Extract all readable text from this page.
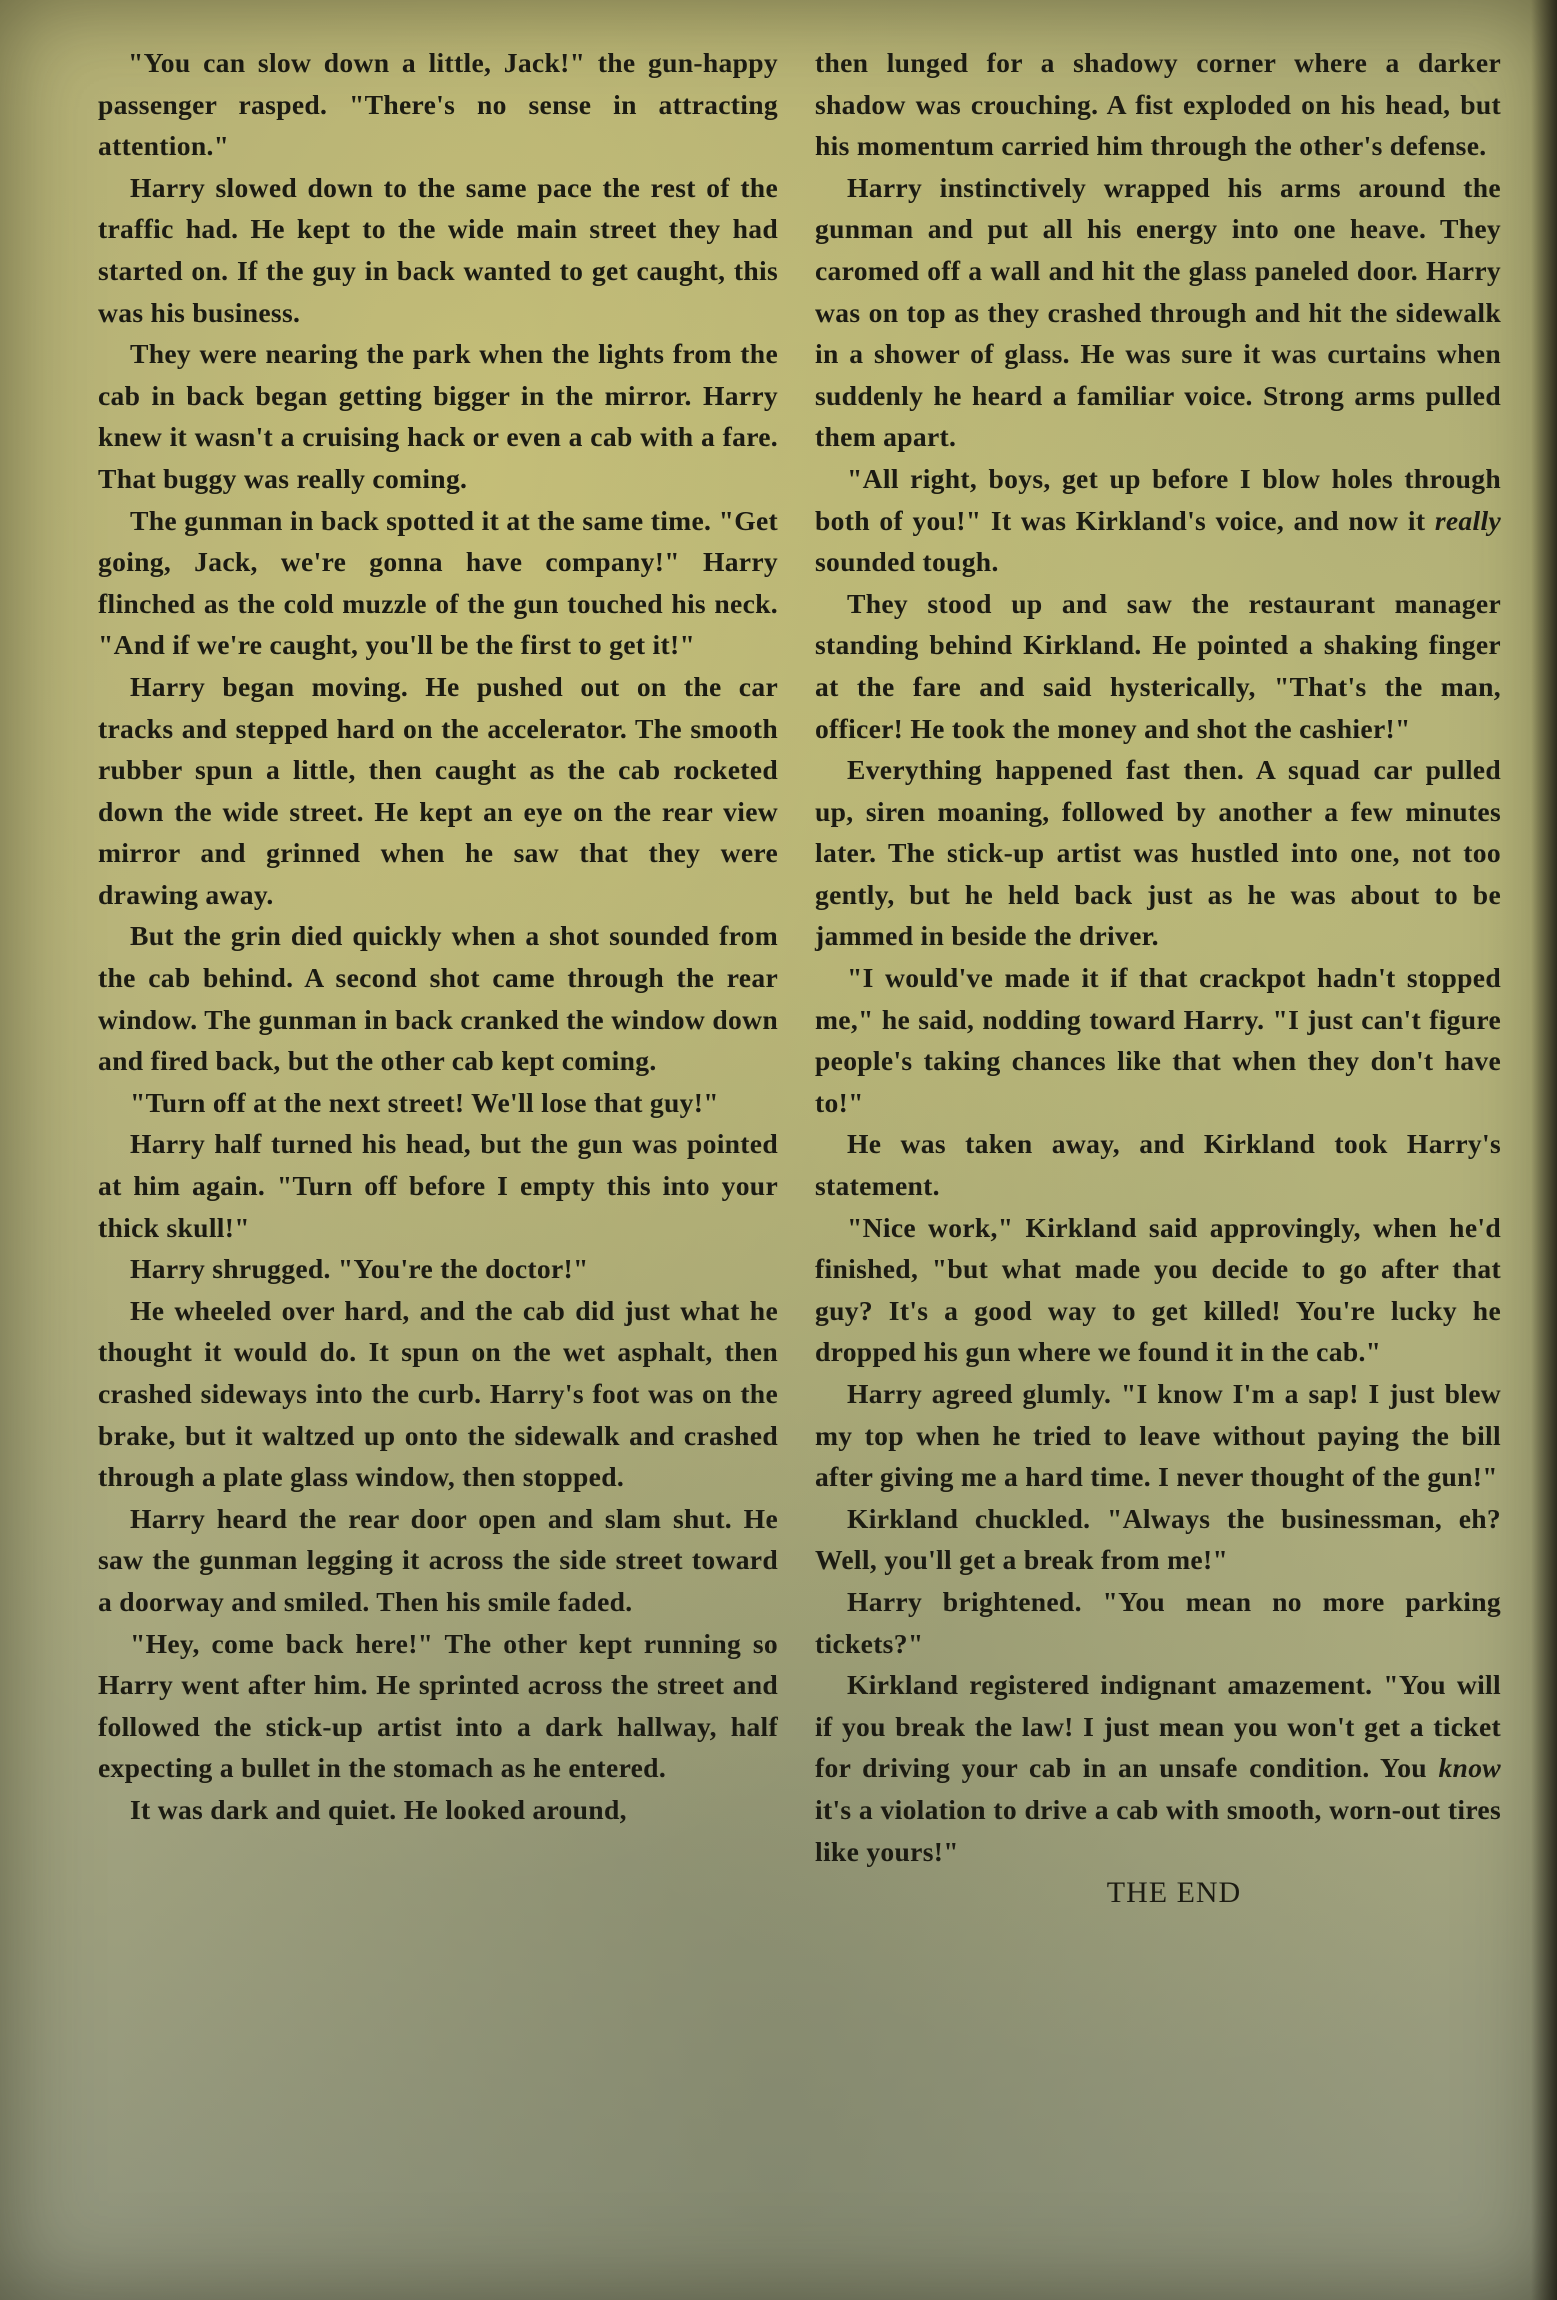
"You can slow down a little, Jack!" the gun-happy passenger rasped. "There's no sense in attracting attention."

Harry slowed down to the same pace the rest of the traffic had. He kept to the wide main street they had started on. If the guy in back wanted to get caught, this was his business.

They were nearing the park when the lights from the cab in back began getting bigger in the mirror. Harry knew it wasn't a cruising hack or even a cab with a fare. That buggy was really coming.

The gunman in back spotted it at the same time. "Get going, Jack, we're gonna have company!" Harry flinched as the cold muzzle of the gun touched his neck. "And if we're caught, you'll be the first to get it!"

Harry began moving. He pushed out on the car tracks and stepped hard on the accelerator. The smooth rubber spun a little, then caught as the cab rocketed down the wide street. He kept an eye on the rear view mirror and grinned when he saw that they were drawing away.

But the grin died quickly when a shot sounded from the cab behind. A second shot came through the rear window. The gunman in back cranked the window down and fired back, but the other cab kept coming.

"Turn off at the next street! We'll lose that guy!"

Harry half turned his head, but the gun was pointed at him again. "Turn off before I empty this into your thick skull!"

Harry shrugged. "You're the doctor!"

He wheeled over hard, and the cab did just what he thought it would do. It spun on the wet asphalt, then crashed sideways into the curb. Harry's foot was on the brake, but it waltzed up onto the sidewalk and crashed through a plate glass window, then stopped.

Harry heard the rear door open and slam shut. He saw the gunman legging it across the side street toward a doorway and smiled. Then his smile faded.

"Hey, come back here!" The other kept running so Harry went after him. He sprinted across the street and followed the stick-up artist into a dark hallway, half expecting a bullet in the stomach as he entered.

It was dark and quiet. He looked around,

then lunged for a shadowy corner where a darker shadow was crouching. A fist exploded on his head, but his momentum carried him through the other's defense.

Harry instinctively wrapped his arms around the gunman and put all his energy into one heave. They caromed off a wall and hit the glass paneled door. Harry was on top as they crashed through and hit the sidewalk in a shower of glass. He was sure it was curtains when suddenly he heard a familiar voice. Strong arms pulled them apart.

"All right, boys, get up before I blow holes through both of you!" It was Kirkland's voice, and now it really sounded tough.

They stood up and saw the restaurant manager standing behind Kirkland. He pointed a shaking finger at the fare and said hysterically, "That's the man, officer! He took the money and shot the cashier!"

Everything happened fast then. A squad car pulled up, siren moaning, followed by another a few minutes later. The stick-up artist was hustled into one, not too gently, but he held back just as he was about to be jammed in beside the driver.

"I would've made it if that crackpot hadn't stopped me," he said, nodding toward Harry. "I just can't figure people's taking chances like that when they don't have to!"

He was taken away, and Kirkland took Harry's statement.

"Nice work," Kirkland said approvingly, when he'd finished, "but what made you decide to go after that guy? It's a good way to get killed! You're lucky he dropped his gun where we found it in the cab."

Harry agreed glumly. "I know I'm a sap! I just blew my top when he tried to leave without paying the bill after giving me a hard time. I never thought of the gun!"

Kirkland chuckled. "Always the businessman, eh? Well, you'll get a break from me!"

Harry brightened. "You mean no more parking tickets?"

Kirkland registered indignant amazement. "You will if you break the law! I just mean you won't get a ticket for driving your cab in an unsafe condition. You know it's a violation to drive a cab with smooth, worn-out tires like yours!"

THE END
